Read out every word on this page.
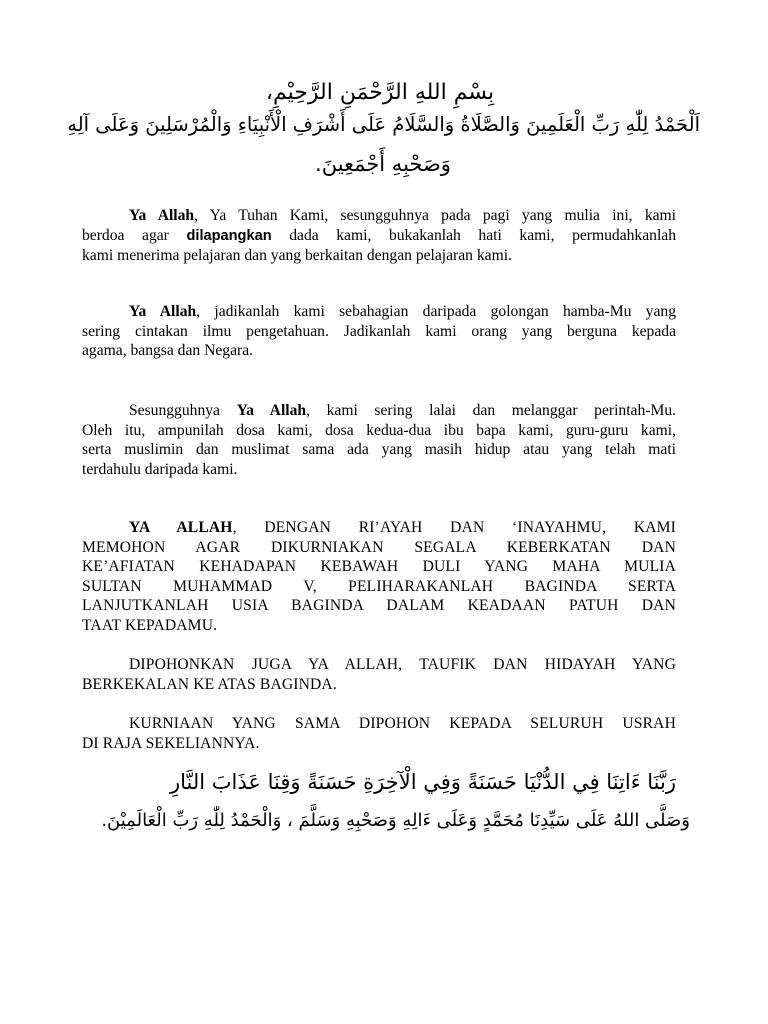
بِسْمِ اللهِ الرَّحْمَنِ الرَّحِيْمِ،
اَلْحَمْدُ لِلّٰهِ رَبِّ الْعَلَمِينَ وَالصَّلَاةُ وَالسَّلَامُ عَلَى أَشْرَفِ الْأَنْبِيَاءِ وَالْمُرْسَلِينَ وَعَلَى آلِهِ
وَصَحْبِهِ أَجْمَعِينَ.
Ya Allah, Ya Tuhan Kami, sesungguhnya pada pagi yang mulia ini, kami
berdoa agar dilapangkan dada kami, bukakanlah hati kami, permudahkanlah
kami menerima pelajaran dan yang berkaitan dengan pelajaran kami.
Ya Allah, jadikanlah kami sebahagian daripada golongan hamba-Mu yang
sering cintakan ilmu pengetahuan. Jadikanlah kami orang yang berguna kepada
agama, bangsa dan Negara.
Sesungguhnya Ya Allah, kami sering lalai dan melanggar perintah-Mu.
Oleh itu, ampunilah dosa kami, dosa kedua-dua ibu bapa kami, guru-guru kami,
serta muslimin dan muslimat sama ada yang masih hidup atau yang telah mati
terdahulu daripada kami.
YA ALLAH, DENGAN RI’AYAH DAN ‘INAYAHMU, KAMI
MEMOHON AGAR DIKURNIAKAN SEGALA KEBERKATAN DAN
KE’AFIATAN KEHADAPAN KEBAWAH DULI YANG MAHA MULIA
SULTAN MUHAMMAD V, PELIHARAKANLAH BAGINDA SERTA
LANJUTKANLAH USIA BAGINDA DALAM KEADAAN PATUH DAN
TAAT KEPADAMU.
DIPOHONKAN JUGA YA ALLAH, TAUFIK DAN HIDAYAH YANG
BERKEKALAN KE ATAS BAGINDA.
KURNIAAN YANG SAMA DIPOHON KEPADA SELURUH USRAH
DI RAJA SEKELIANNYA.
رَبَّنَا ءَاتِنَا فِي الدُّنْيَا حَسَنَةً وَفِي الْآخِرَةِ حَسَنَةً وَقِنَا عَذَابَ النَّارِ
وَصَلَّى اللهُ عَلَى سَيِّدِنَا مُحَمَّدٍ وَعَلَى ءَالِهِ وَصَحْبِهِ وَسَلَّمَ ، وَالْحَمْدُ لِلّٰهِ رَبِّ الْعَالَمِيْنَ.
